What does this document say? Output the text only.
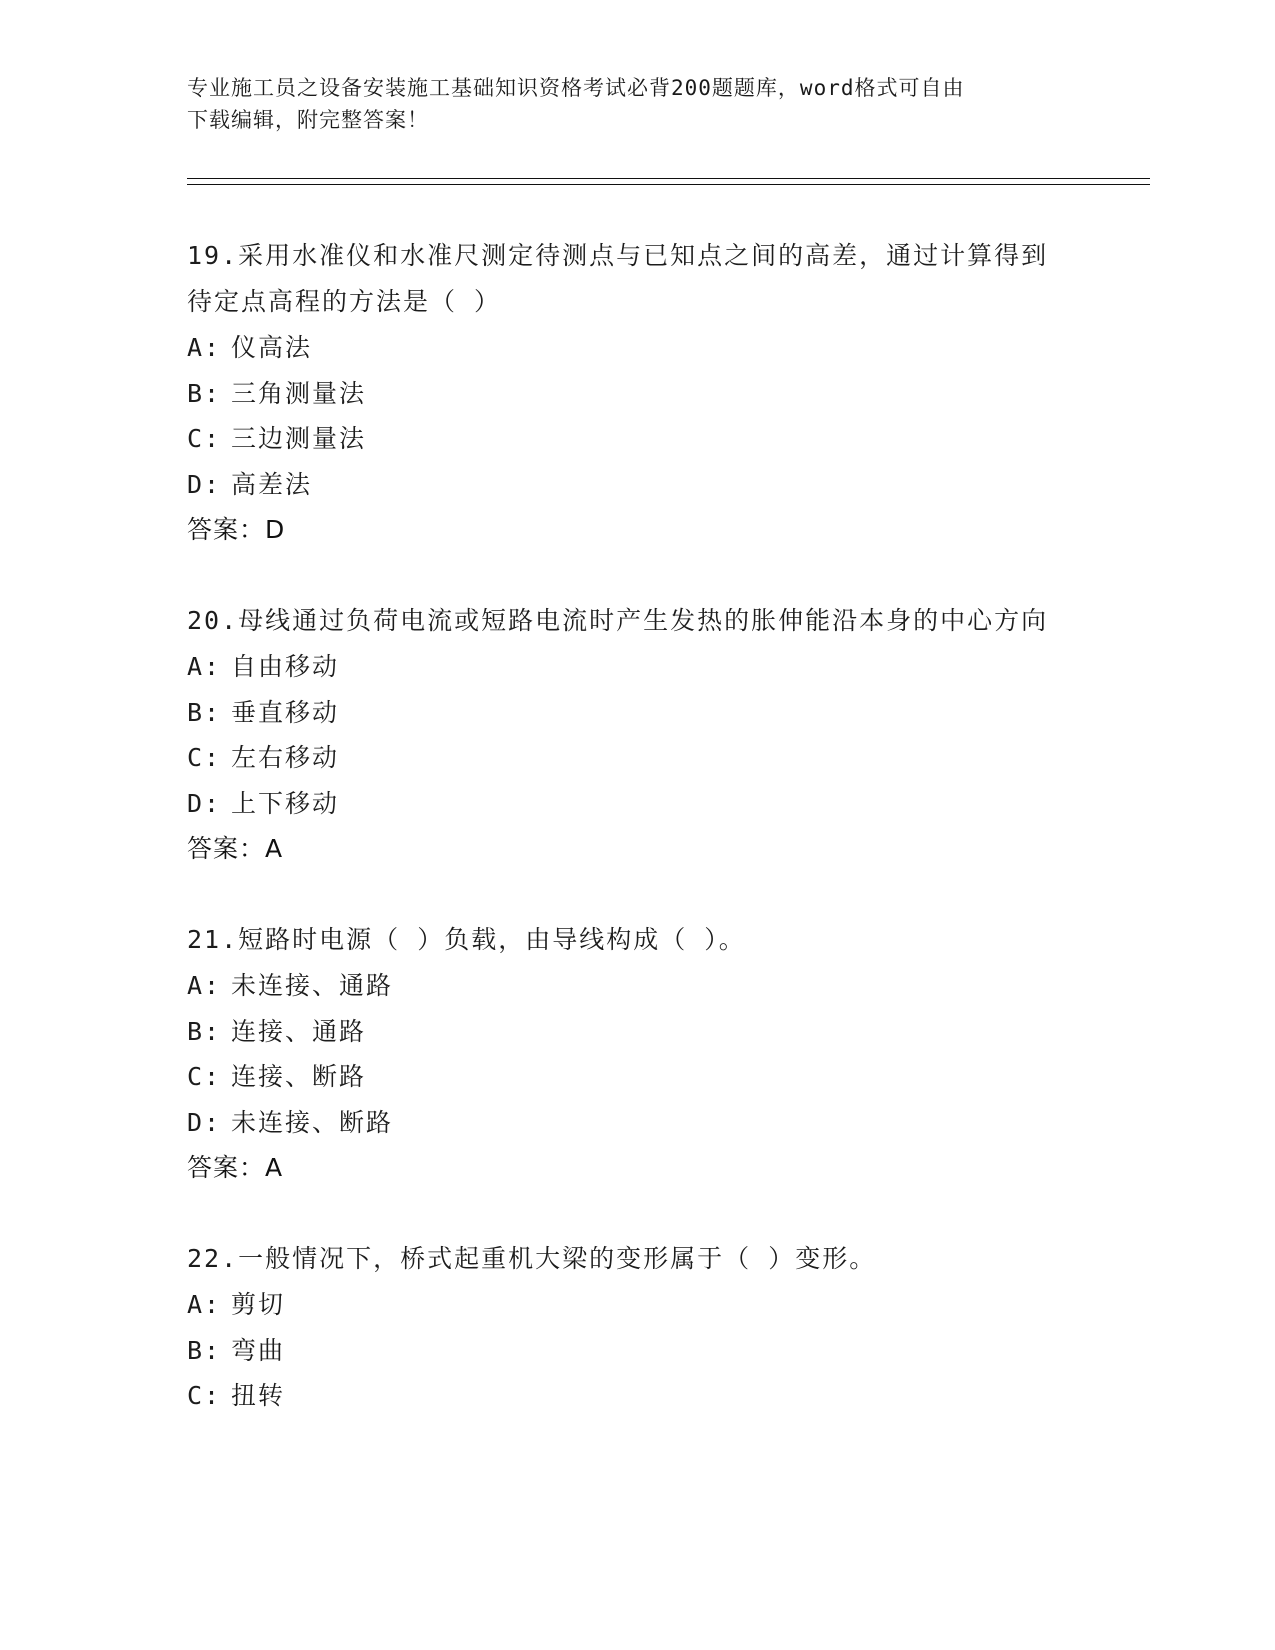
专业施工员之设备安装施工基础知识资格考试必背200题题库，word格式可自由
下载编辑，附完整答案！

19.采用水准仪和水准尺测定待测点与已知点之间的高差，通过计算得到待定点高程的方法是（ ）

A: 仪高法

B: 三角测量法

C: 三边测量法

D: 高差法

答案：D

20.母线通过负荷电流或短路电流时产生发热的胀伸能沿本身的中心方向

A: 自由移动

B: 垂直移动

C: 左右移动

D: 上下移动

答案：A

21.短路时电源（ ）负载，由导线构成（ ）。

A: 未连接、通路

B: 连接、通路

C: 连接、断路

D: 未连接、断路

答案：A

22.一般情况下，桥式起重机大梁的变形属于（ ）变形。

A: 剪切

B: 弯曲

C: 扭转
